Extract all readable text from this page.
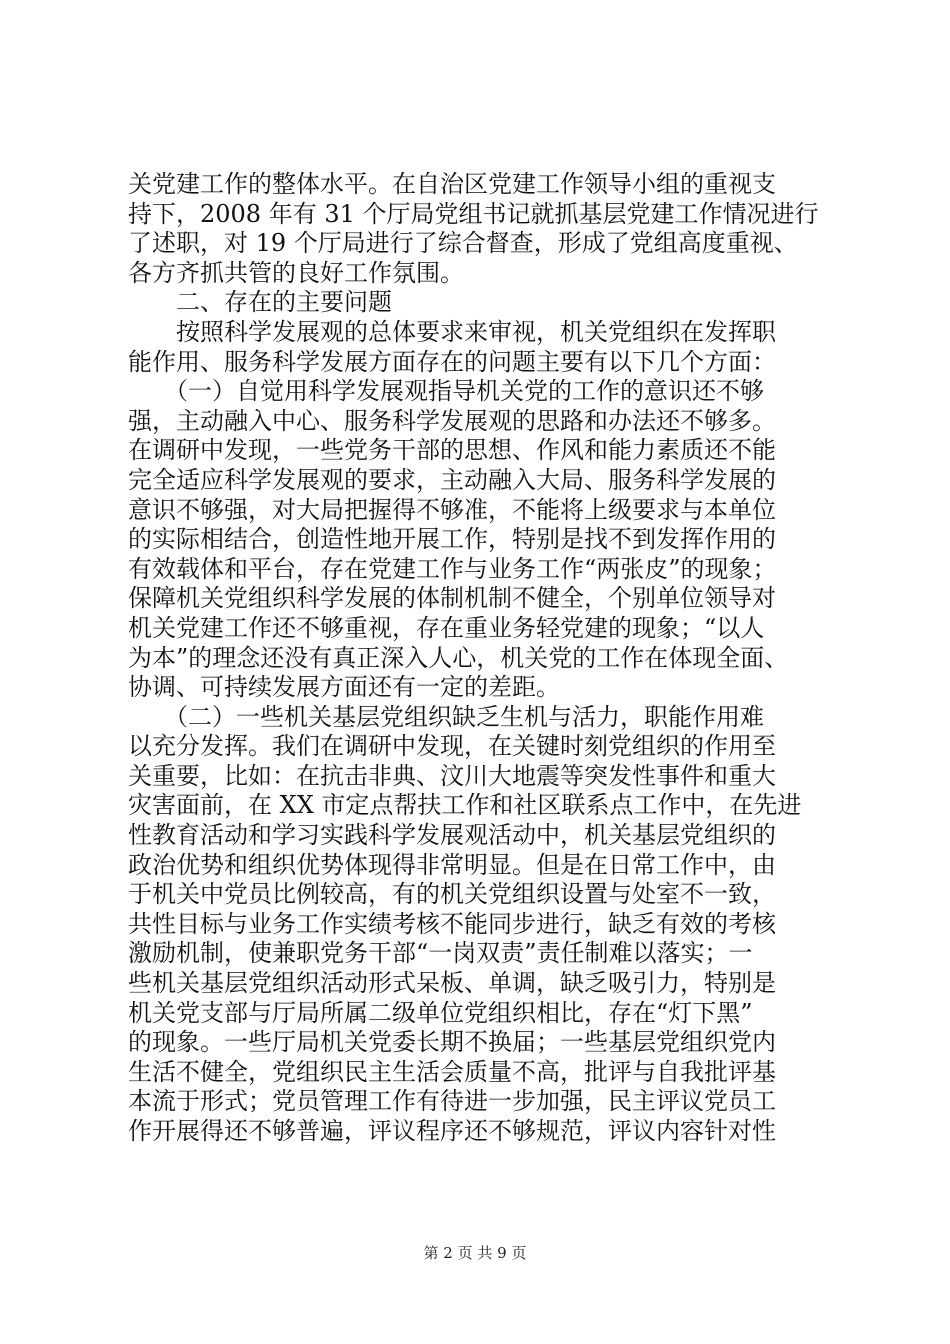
关党建工作的整体水平。在自治区党建工作领导小组的重视支
持下，2008 年有 31 个厅局党组书记就抓基层党建工作情况进行
了述职，对 19 个厅局进行了综合督查，形成了党组高度重视、
各方齐抓共管的良好工作氛围。
　　二、存在的主要问题
　　按照科学发展观的总体要求来审视，机关党组织在发挥职
能作用、服务科学发展方面存在的问题主要有以下几个方面：
　　（一）自觉用科学发展观指导机关党的工作的意识还不够
强，主动融入中心、服务科学发展观的思路和办法还不够多。
在调研中发现，一些党务干部的思想、作风和能力素质还不能
完全适应科学发展观的要求，主动融入大局、服务科学发展的
意识不够强，对大局把握得不够准，不能将上级要求与本单位
的实际相结合，创造性地开展工作，特别是找不到发挥作用的
有效载体和平台，存在党建工作与业务工作“两张皮”的现象；
保障机关党组织科学发展的体制机制不健全，个别单位领导对
机关党建工作还不够重视，存在重业务轻党建的现象；“以人
为本”的理念还没有真正深入人心，机关党的工作在体现全面、
协调、可持续发展方面还有一定的差距。
　　（二）一些机关基层党组织缺乏生机与活力，职能作用难
以充分发挥。我们在调研中发现，在关键时刻党组织的作用至
关重要，比如：在抗击非典、汶川大地震等突发性事件和重大
灾害面前，在 XX 市定点帮扶工作和社区联系点工作中，在先进
性教育活动和学习实践科学发展观活动中，机关基层党组织的
政治优势和组织优势体现得非常明显。但是在日常工作中，由
于机关中党员比例较高，有的机关党组织设置与处室不一致，
共性目标与业务工作实绩考核不能同步进行，缺乏有效的考核
激励机制，使兼职党务干部“一岗双责”责任制难以落实；一
些机关基层党组织活动形式呆板、单调，缺乏吸引力，特别是
机关党支部与厅局所属二级单位党组织相比，存在“灯下黑”
的现象。一些厅局机关党委长期不换届；一些基层党组织党内
生活不健全，党组织民主生活会质量不高，批评与自我批评基
本流于形式；党员管理工作有待进一步加强，民主评议党员工
作开展得还不够普遍，评议程序还不够规范，评议内容针对性
第 2 页 共 9 页
